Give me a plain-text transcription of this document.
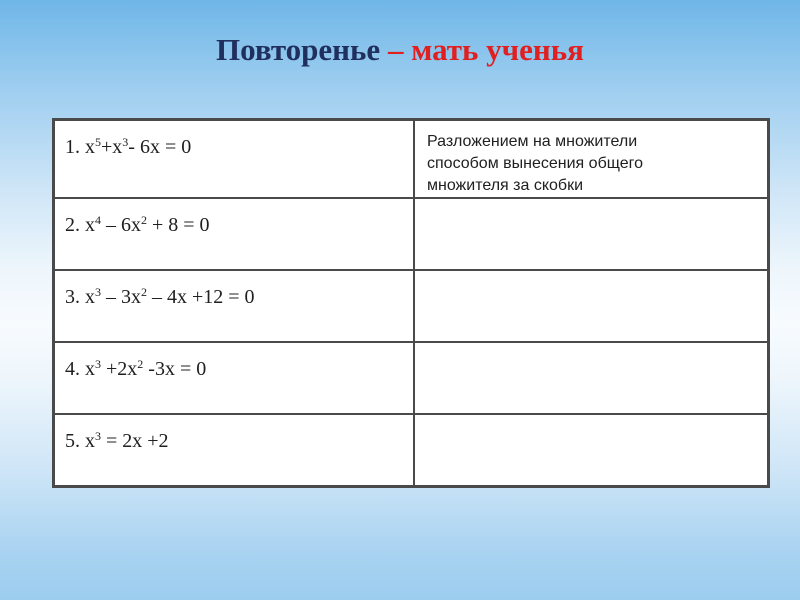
Повторенье – мать ученья
1. $x^5+x^3-$ 6x = 0	Разложением на множители
способом вынесения общего
множителя за скобки

2. $x^4 - 6x^2 + 8 = 0$	

3. $x^3 - 3x^2 - 4x +12 = 0$	

4. $x^3 +2x^2$ -3x = 0	

5. $x^3 = 2x +2$	
